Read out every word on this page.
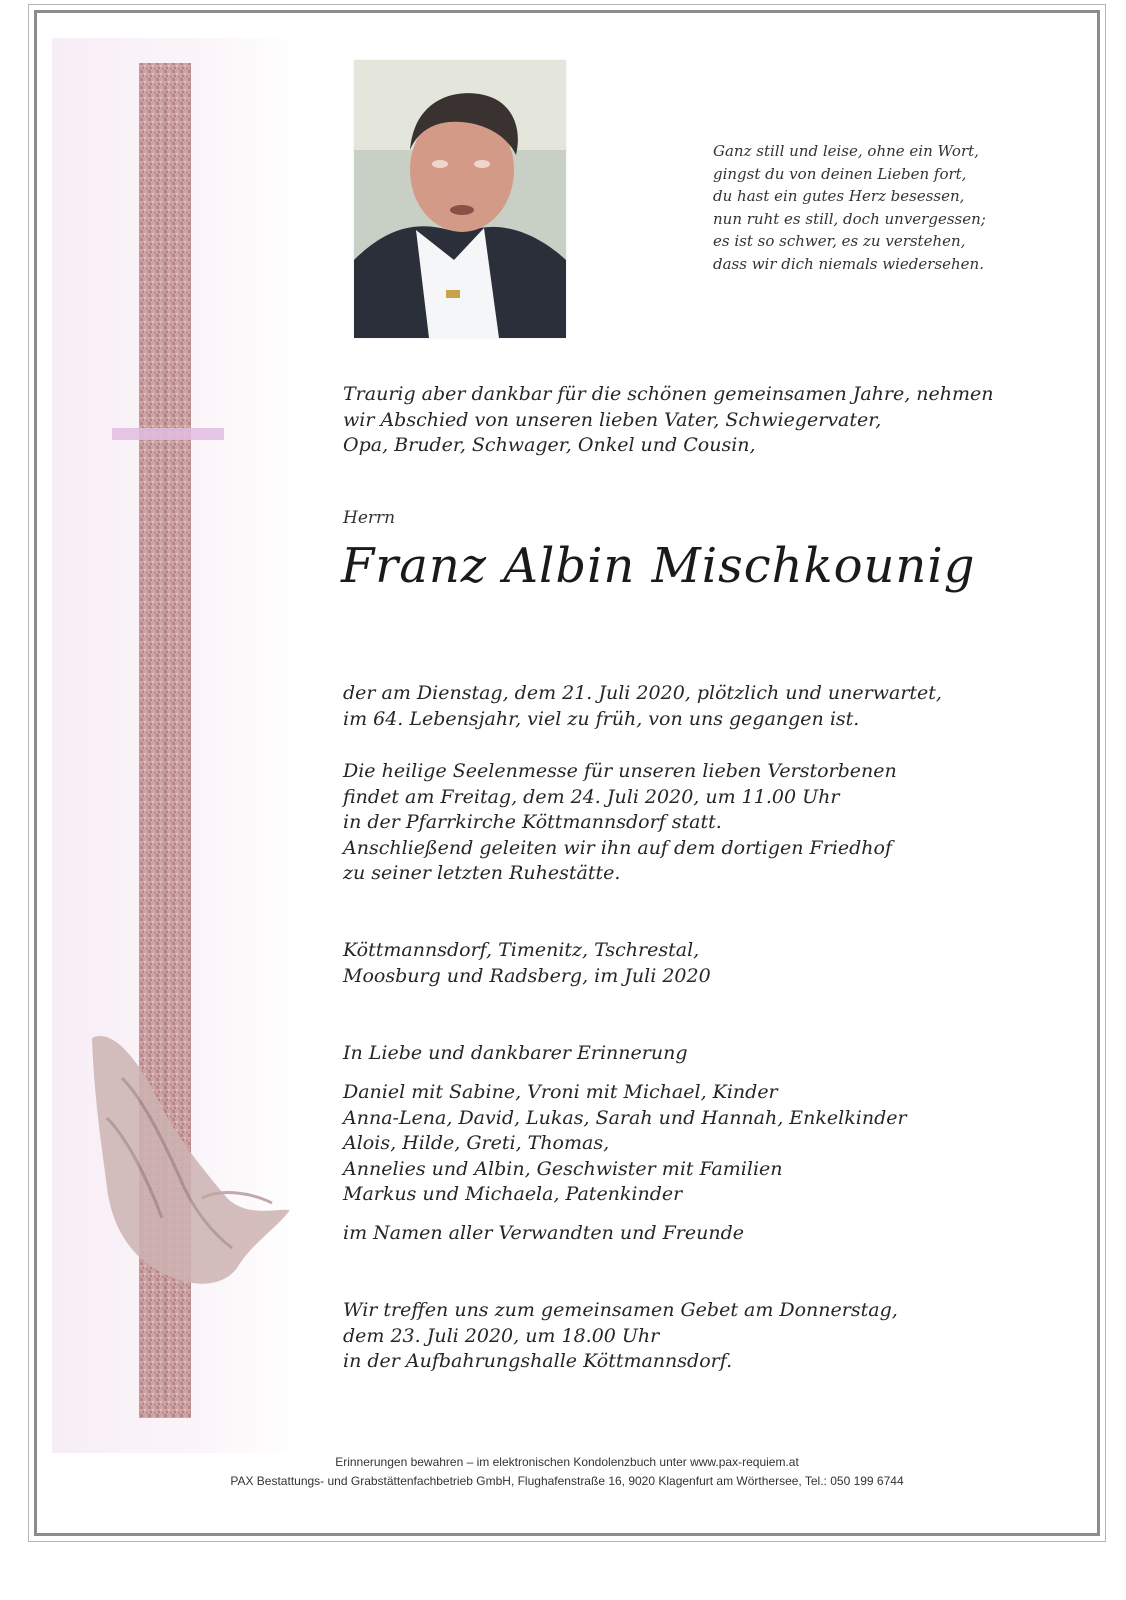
Ganz still und leise, ohne ein Wort,
gingst du von deinen Lieben fort,
du hast ein gutes Herz besessen,
nun ruht es still, doch unvergessen;
es ist so schwer, es zu verstehen,
dass wir dich niemals wiedersehen.
Traurig aber dankbar für die schönen gemeinsamen Jahre, nehmen
wir Abschied von unseren lieben Vater, Schwiegervater,
Opa, Bruder, Schwager, Onkel und Cousin,
Herrn
Franz Albin Mischkounig
der am Dienstag, dem 21. Juli 2020, plötzlich und unerwartet,
im 64. Lebensjahr, viel zu früh, von uns gegangen ist.
Die heilige Seelenmesse für unseren lieben Verstorbenen
findet am Freitag, dem 24. Juli 2020, um 11.00 Uhr
in der Pfarrkirche Köttmannsdorf statt.
Anschließend geleiten wir ihn auf dem dortigen Friedhof
zu seiner letzten Ruhestätte.
Köttmannsdorf, Timenitz, Tschrestal,
Moosburg und Radsberg, im Juli 2020
In Liebe und dankbarer Erinnerung
Daniel mit Sabine, Vroni mit Michael, Kinder
Anna-Lena, David, Lukas, Sarah und Hannah, Enkelkinder
Alois, Hilde, Greti, Thomas,
Annelies und Albin, Geschwister mit Familien
Markus und Michaela, Patenkinder
im Namen aller Verwandten und Freunde
Wir treffen uns zum gemeinsamen Gebet am Donnerstag,
dem 23. Juli 2020, um 18.00 Uhr
in der Aufbahrungshalle Köttmannsdorf.
Erinnerungen bewahren – im elektronischen Kondolenzbuch unter www.pax-requiem.at
PAX Bestattungs- und Grabstättenfachbetrieb GmbH, Flughafenstraße 16, 9020 Klagenfurt am Wörthersee, Tel.: 050 199 6744
